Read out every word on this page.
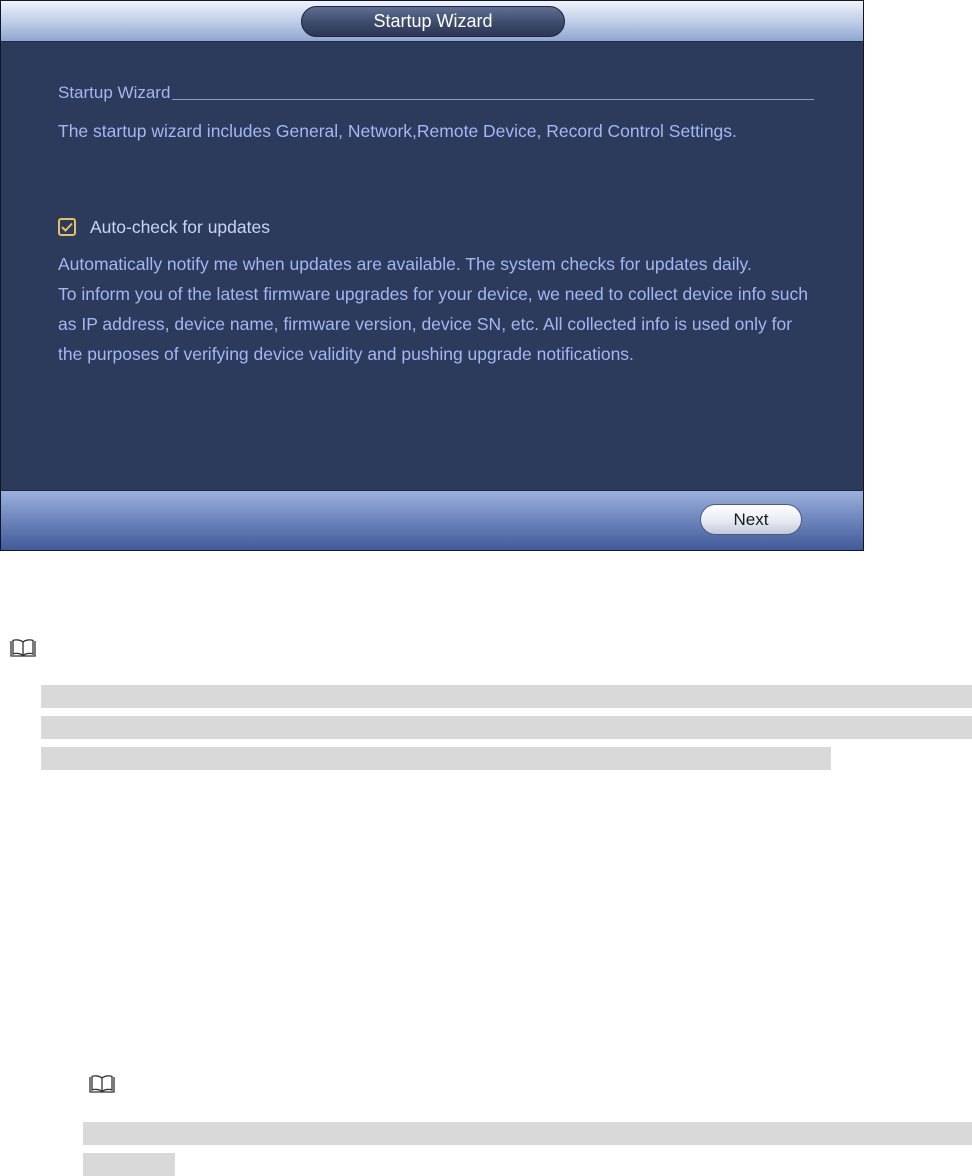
Startup Wizard
Startup Wizard
The startup wizard includes General, Network,Remote Device, Record Control Settings.
Auto-check for updates

Automatically notify me when updates are available. The system checks for updates daily.

To inform you of the latest firmware upgrades for your device, we need to collect device info such as IP address, device name, firmware version, device SN, etc. All collected info is used only for the purposes of verifying device validity and pushing upgrade notifications.

Next
